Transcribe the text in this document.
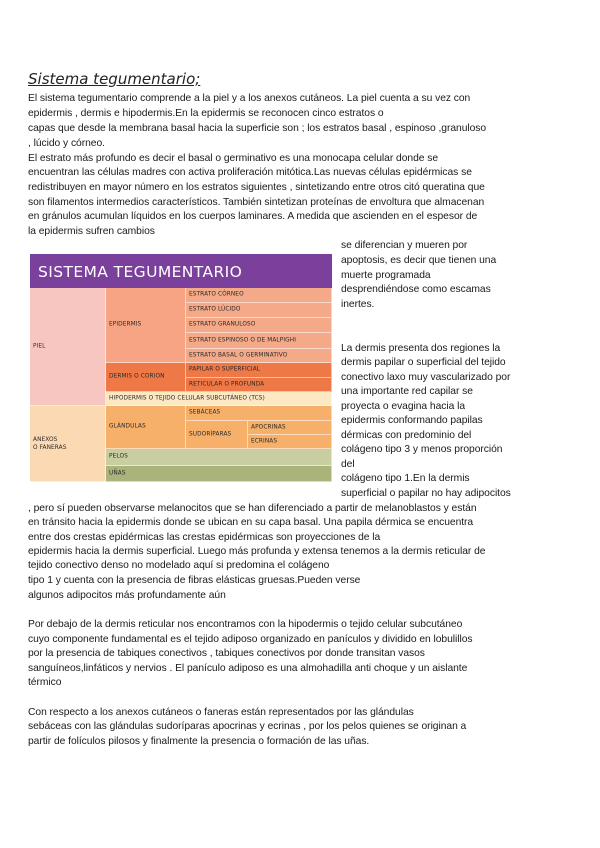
Sistema tegumentario;
El sistema tegumentario comprende a la piel y a los anexos cutáneos. La piel cuenta a su vez con
epidermis , dermis e hipodermis.En la epidermis se reconocen cinco estratos o
capas que desde la membrana basal hacia la superficie son ; los estratos basal , espinoso ,granuloso
, lúcido y córneo.
El estrato más profundo es decir el basal o germinativo es una monocapa celular donde se
encuentran las células madres con activa proliferación mitótica.Las nuevas células epidérmicas se
redistribuyen en mayor número en los estratos siguientes , sintetizando entre otros citó queratina que
son filamentos intermedios característicos. También sintetizan proteínas de envoltura que almacenan
en gránulos acumulan líquidos en los cuerpos laminares. A medida que ascienden en el espesor de
la epidermis sufren cambios
se diferencian y mueren por
apoptosis, es decir que tienen una
muerte programada
desprendiéndose como escamas
inertes.
La dermis presenta dos regiones la
dermis papilar o superficial del tejido
conectivo laxo muy vascularizado por
una importante red capilar se
proyecta o evagina hacia la
epidermis conformando papilas
dérmicas con predominio del
colágeno tipo 3 y menos proporción
del
colágeno tipo 1.En la dermis
superficial o papilar no hay adipocitos
SISTEMA TEGUMENTARIO
PIEL
EPIDERMIS
ESTRATO CÓRNEO
ESTRATO LÚCIDO
ESTRATO GRANULOSO
ESTRATO ESPINOSO O DE MALPIGHI
ESTRATO BASAL O GERMINATIVO
DERMIS O CORION
PAPILAR O SUPERFICIAL
RETICULAR O PROFUNDA
HIPODERMIS O TEJIDO CELULAR SUBCUTÁNEO (TCS)
ANEXOS
O FANERAS
GLÁNDULAS
SEBÁCEAS
SUDORÍPARAS
APOCRINAS
ECRINAS
PELOS
UÑAS
, pero sí pueden observarse melanocitos que se han diferenciado a partir de melanoblastos y están
en tránsito hacia la epidermis donde se ubican en su capa basal. Una papila dérmica se encuentra
entre dos crestas epidérmicas las crestas epidérmicas son proyecciones de la
epidermis hacia la dermis superficial. Luego más profunda y extensa tenemos a la dermis reticular de
tejido conectivo denso no modelado aquí si predomina el colágeno
tipo 1 y cuenta con la presencia de fibras elásticas gruesas.Pueden verse
algunos adipocitos más profundamente aún
Por debajo de la dermis reticular nos encontramos con la hipodermis o tejido celular subcutáneo
cuyo componente fundamental es el tejido adiposo organizado en panículos y dividido en lobulillos
por la presencia de tabiques conectivos , tabiques conectivos por donde transitan vasos
sanguíneos,linfáticos y nervios . El panículo adiposo es una almohadilla anti choque y un aislante
térmico
Con respecto a los anexos cutáneos o faneras están representados por las glándulas
sebáceas con las glándulas sudoríparas apocrinas y ecrinas , por los pelos quienes se originan a
partir de folículos pilosos y finalmente la presencia o formación de las uñas.
